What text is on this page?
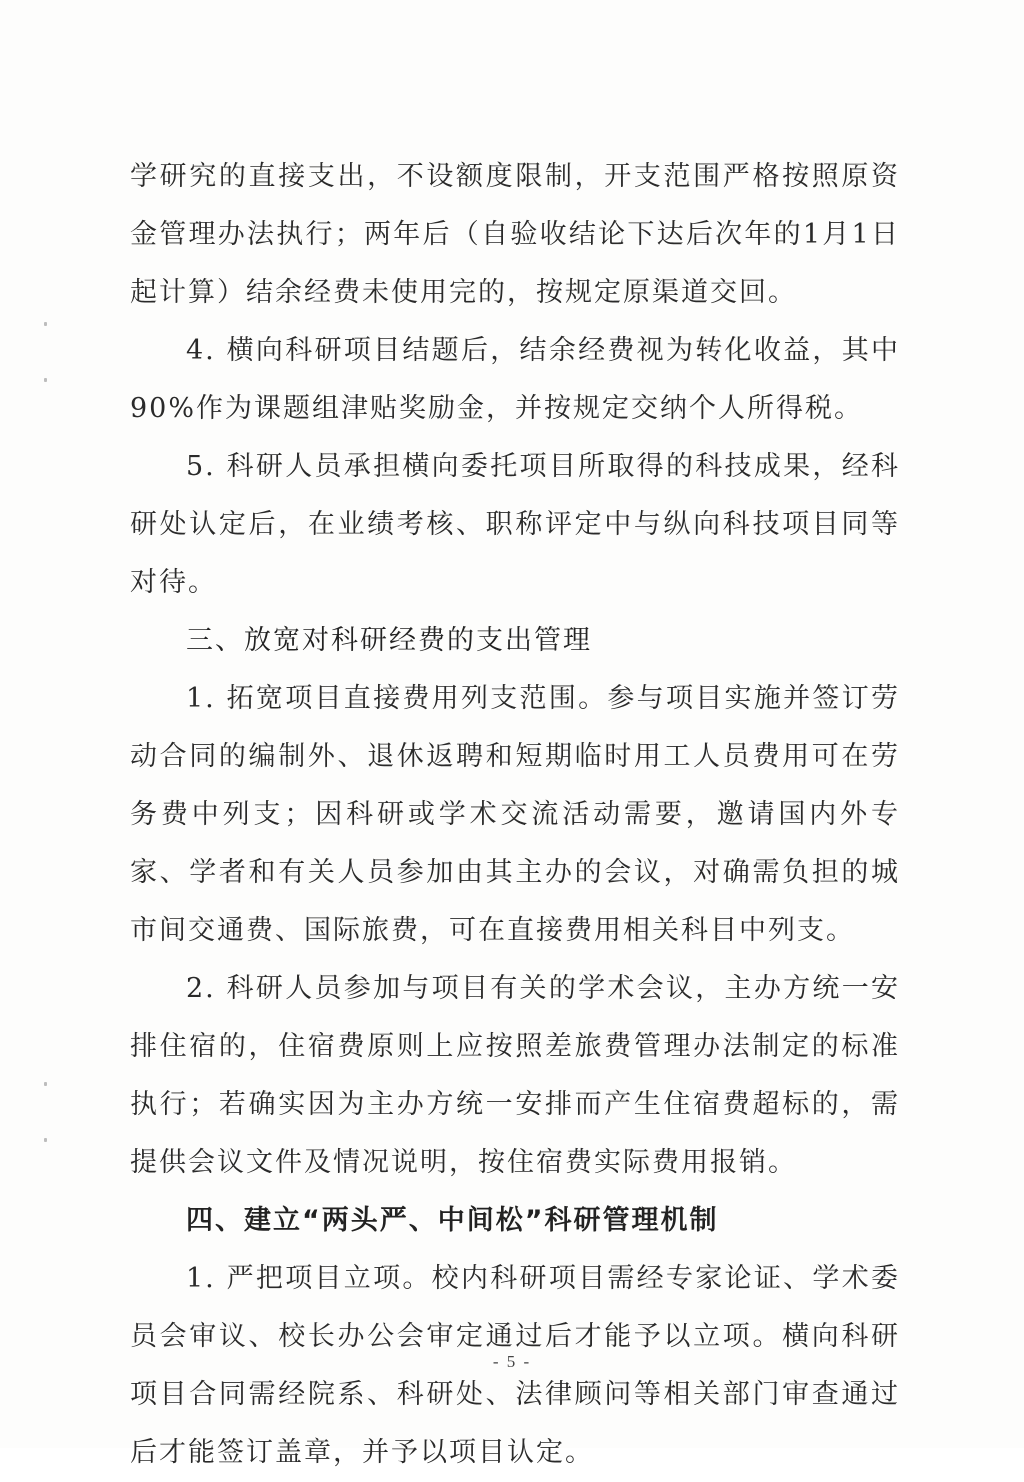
学研究的直接支出，不设额度限制，开支范围严格按照原资金管理办法执行；两年后（自验收结论下达后次年的1月1日起计算）结余经费未使用完的，按规定原渠道交回。

4. 横向科研项目结题后，结余经费视为转化收益，其中90%作为课题组津贴奖励金，并按规定交纳个人所得税。

5. 科研人员承担横向委托项目所取得的科技成果，经科研处认定后，在业绩考核、职称评定中与纵向科技项目同等对待。

三、放宽对科研经费的支出管理

1. 拓宽项目直接费用列支范围。参与项目实施并签订劳动合同的编制外、退休返聘和短期临时用工人员费用可在劳务费中列支；因科研或学术交流活动需要，邀请国内外专家、学者和有关人员参加由其主办的会议，对确需负担的城市间交通费、国际旅费，可在直接费用相关科目中列支。

2. 科研人员参加与项目有关的学术会议，主办方统一安排住宿的，住宿费原则上应按照差旅费管理办法制定的标准执行；若确实因为主办方统一安排而产生住宿费超标的，需提供会议文件及情况说明，按住宿费实际费用报销。

四、建立“两头严、中间松”科研管理机制

1. 严把项目立项。校内科研项目需经专家论证、学术委员会审议、校长办公会审定通过后才能予以立项。横向科研项目合同需经院系、科研处、法律顾问等相关部门审查通过后才能签订盖章，并予以项目认定。

- 5 -
